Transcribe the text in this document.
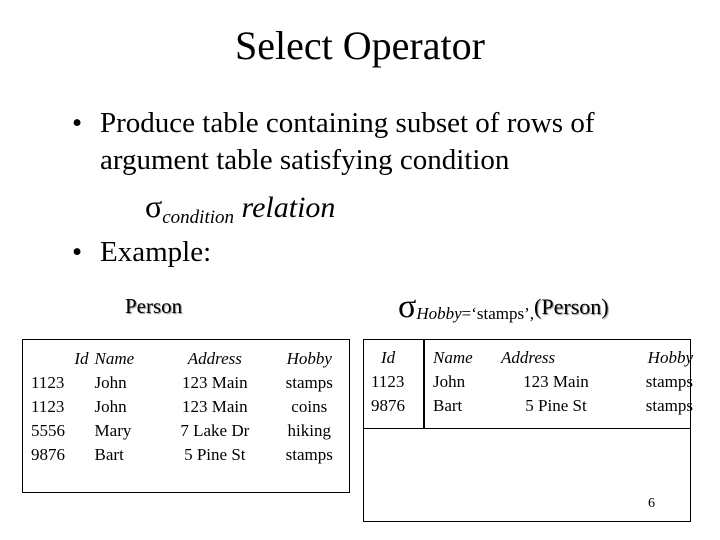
Select Operator
• Produce table containing subset of rows of
argument table satisfying condition
$\sigma_{condition}$ relation
• Example:
Person	$\sigma_{Hobby=‘stamps’,}(Person)$
Id	Name	Address	Hobby
1123	John	123 Main	stamps
1123	John	123 Main	coins
5556	Mary	7 Lake Dr	hiking
9876	Bart	5 Pine St	stamps
Id	Name	Address	Hobby
1123	John	123 Main	stamps
9876	Bart	5 Pine St	stamps
6
